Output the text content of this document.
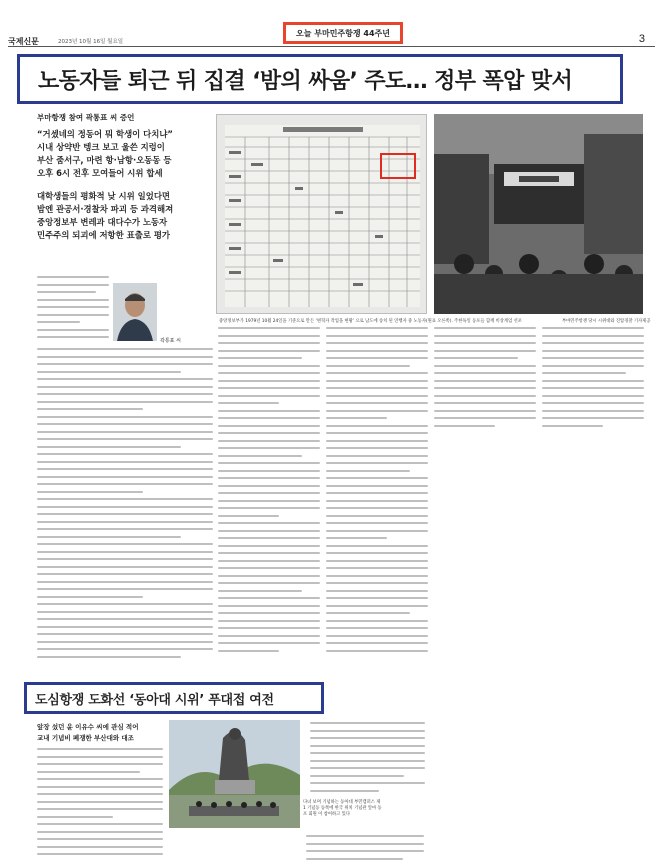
국제신문	2023년 10월 16일 월요일	3
오늘 부마민주항쟁 44주년
노동자들 퇴근 뒤 집결 ‘밤의 싸움’ 주도… 정부 폭압 맞서
부마항쟁 참여 곽통표 씨 증언

“거셌네의 정동어 뭐 학생이 다치냐”

시내 상약반 텡크 보고 울쓴 지렁이

부산 줌서구, 마련 항·남항·오동동 등

오후 6시 전후 모여들어 시위 합세

대학생들의 평화적 낮 시위 일었다면

밤엔 관공서·경찰차 파괴 등 과격해져

중앙정보부 변레과 대다수가 노동자

민주주의 되괴에 저항한 표출로 평가

중앙정보부가 1979년 10월 24일을 기준으로 만든 ‘변혁자 작업을 현황’ 으로 남도에 송치 된 연행자 중 노동자(원표 오른쪽). 주한독일 동포들 함께 비상계엄 선포	부마민주항쟁 당시 시위대와 진압경찰 기자제공
곽통표 씨
도심항쟁 도화선 ‘동아대 시위’ 푸대접 여전

앞장 섰던 윤 이유수 씨에 관심 적어

교내 기념비 폐쟁한 부산대와 대조

다녀 보며 기념하는 동아대 부민캠퍼스 제1 기념동 동쪽에 한국 위치 기념관 앞마 동포 회원 이 참여하고 있다
